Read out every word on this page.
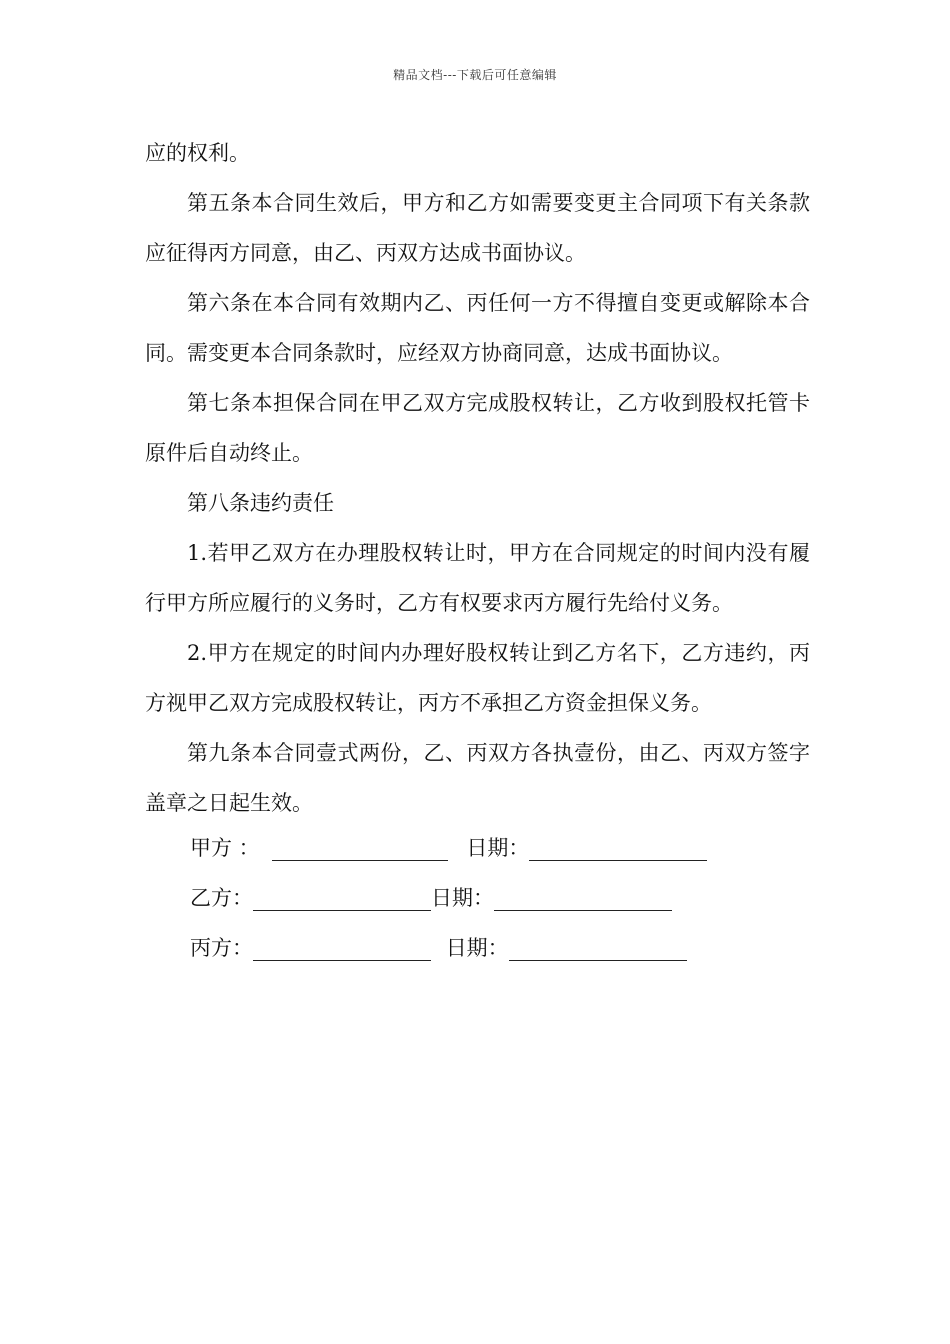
精品文档---下载后可任意编辑

应的权利。

第五条本合同生效后，甲方和乙方如需要变更主合同项下有关条款应征得丙方同意，由乙、丙双方达成书面协议。

第六条在本合同有效期内乙、丙任何一方不得擅自变更或解除本合同。需变更本合同条款时，应经双方协商同意，达成书面协议。

第七条本担保合同在甲乙双方完成股权转让，乙方收到股权托管卡原件后自动终止。

第八条违约责任

1.若甲乙双方在办理股权转让时，甲方在合同规定的时间内没有履行甲方所应履行的义务时，乙方有权要求丙方履行先给付义务。

2.甲方在规定的时间内办理好股权转让到乙方名下，乙方违约，丙方视甲乙双方完成股权转让，丙方不承担乙方资金担保义务。

第九条本合同壹式两份，乙、丙双方各执壹份，由乙、丙双方签字盖章之日起生效。

甲方 ：	日期：
乙方：	日期：
丙方：	日期：
